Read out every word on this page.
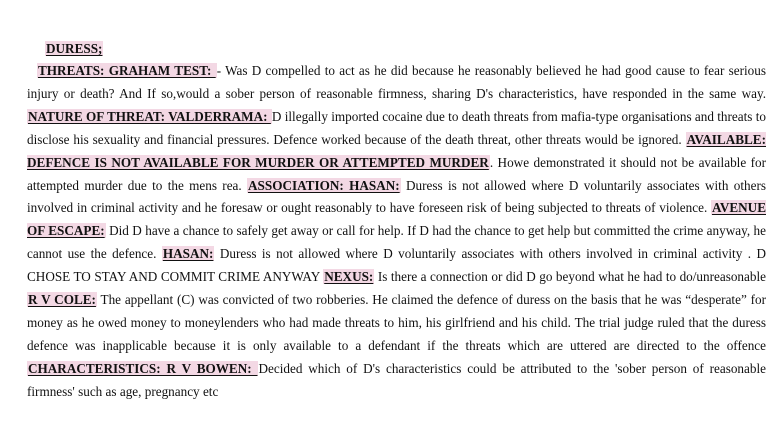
DURESS;

THREATS: GRAHAM TEST: - Was D compelled to act as he did because he reasonably believed he had good cause to fear serious injury or death? And If so,would a sober person of reasonable firmness, sharing D's characteristics, have responded in the same way. NATURE OF THREAT: VALDERRAMA: D illegally imported cocaine due to death threats from mafia-type organisations and threats to disclose his sexuality and financial pressures. Defence worked because of the death threat, other threats would be ignored. AVAILABLE: DEFENCE IS NOT AVAILABLE FOR MURDER OR ATTEMPTED MURDER. Howe demonstrated it should not be available for attempted murder due to the mens rea. ASSOCIATION: HASAN: Duress is not allowed where D voluntarily associates with others involved in criminal activity and he foresaw or ought reasonably to have foreseen risk of being subjected to threats of violence. AVENUE OF ESCAPE: Did D have a chance to safely get away or call for help. If D had the chance to get help but committed the crime anyway, he cannot use the defence. HASAN: Duress is not allowed where D voluntarily associates with others involved in criminal activity . D CHOSE TO STAY AND COMMIT CRIME ANYWAY NEXUS: Is there a connection or did D go beyond what he had to do/unreasonable R V COLE: The appellant (C) was convicted of two robberies. He claimed the defence of duress on the basis that he was “desperate” for money as he owed money to moneylenders who had made threats to him, his girlfriend and his child. The trial judge ruled that the duress defence was inapplicable because it is only available to a defendant if the threats which are uttered are directed to the offence CHARACTERISTICS: R V BOWEN: Decided which of D's characteristics could be attributed to the 'sober person of reasonable firmness' such as age, pregnancy etc
